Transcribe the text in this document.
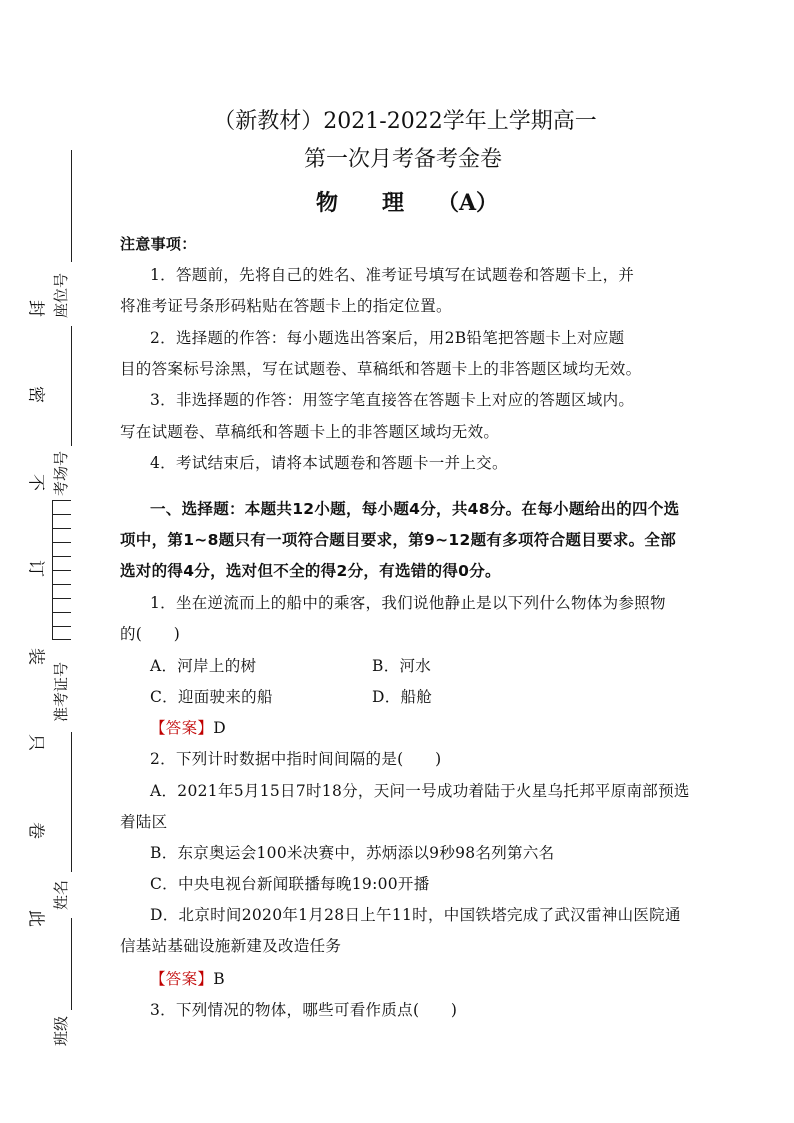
封
密
不
订
装
只
卷
此
座位号
考场号
准考证号
姓名
班级
（新教材）2021-2022学年上学期高一
第一次月考备考金卷
物　　理　　（A）
注意事项：
1．答题前，先将自己的姓名、准考证号填写在试题卷和答题卡上，并
将准考证号条形码粘贴在答题卡上的指定位置。
2．选择题的作答：每小题选出答案后，用2B铅笔把答题卡上对应题
目的答案标号涂黑，写在试题卷、草稿纸和答题卡上的非答题区域均无效。
3．非选择题的作答：用签字笔直接答在答题卡上对应的答题区域内。
写在试题卷、草稿纸和答题卡上的非答题区域均无效。
4．考试结束后，请将本试题卷和答题卡一并上交。
一、选择题：本题共12小题，每小题4分，共48分。在每小题给出的四个选
项中，第1~8题只有一项符合题目要求，第9~12题有多项符合题目要求。全部
选对的得4分，选对但不全的得2分，有选错的得0分。
1．坐在逆流而上的船中的乘客，我们说他静止是以下列什么物体为参照物
的(　　)
A．河岸上的树	B．河水
C．迎面驶来的船	D．船舱
【答案】D
2．下列计时数据中指时间间隔的是(　　)
A．2021年5月15日7时18分，天问一号成功着陆于火星乌托邦平原南部预选
着陆区
B．东京奥运会100米决赛中，苏炳添以9秒98名列第六名
C．中央电视台新闻联播每晚19:00开播
D．北京时间2020年1月28日上午11时，中国铁塔完成了武汉雷神山医院通
信基站基础设施新建及改造任务
【答案】B
3．下列情况的物体，哪些可看作质点(　　)
